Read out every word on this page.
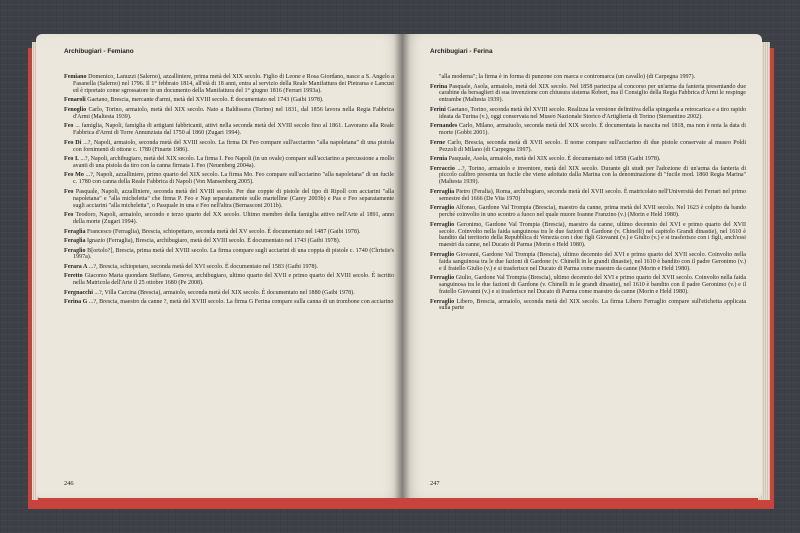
Archibugiari - Femiano

Femiano Domenico, Lanuzzi (Salerno), azzalliniere, prima metà del XIX secolo. Figlio di Leone e Rosa Giordano, nasce a S. Angelo a Fasanella (Salerno) nel 1796. Il 1° febbraio 1814, all'età di 18 anni, entra al servizio della Reale Manifattura dei Pietrarsa e Lancusi ed è riportato come sgrossatore in un documento della Manifattura del 1° giugno 1816 (Ferrari 1993a).

Fenaroli Gaetano, Brescia, mercante d'armi, metà del XVIII secolo. È documentato nel 1743 (Gaibi 1978).

Fenoglio Carlo, Torino, armaiolo, metà del XIX secolo. Nato a Baldissera (Torino) nel 1831, dal 1856 lavora nella Regia Fabbrica d'Armi (Maltesta 1939).

Feo ... famiglia, Napoli, famiglia di artigiani fabbricanti, attivi nella seconda metà del XVIII secolo fino al 1861. Lavorano alla Reale Fabbrica d'Armi di Torre Annunziata dal 1750 al 1860 (Zugari 1994).

Feo Di ...?, Napoli, armaiolo, seconda metà del XVIII secolo. La firma Di Feo compare sull'acciarino "alla napoletana" di una pistola con fornimenti di ottone c. 1780 (Finarte 1986).

Feo I. ...?, Napoli, archibugiaro, metà del XIX secolo. La firma I. Feo Napoli (in un ovale) compare sull'acciarino a percussione a mollo avanti di una pistola da tiro con la canna firmata I. Feo (Neuenberg 2004a).

Feo Mo ...?, Napoli, azzalliniere, primo quarto del XIX secolo. La firma Mo. Feo compare sull'acciarino "alla napoletana" di un fucile c. 1780 con canna della Reale Fabbrica di Napoli (Von Mansenberg 2005).

Feo Pasquale, Napoli, azzalliniere, seconda metà del XVIII secolo. Per due coppie di pistole del tipo di Ripoll con acciarini "alla napoletana" e "alla micheletta" che firma P. Feo e Nap separatamente sulle martelline (Carey 2003b) e Pas e Feo separatamente sugli acciarini "alla micheletta", o Pasquale in una e Feo nell'altra (Bernasconi 2011b).

Feo Teodoro, Napoli, armaiolo, secondo e terzo quarto del XX secolo. Ultimo membro della famiglia attivo nell'Arte al 1891, anno della morte (Zugari 1994).

Feraglia Francesco (Ferraglia), Brescia, schiopettaro, seconda metà del XV secolo. È documentato nel 1487 (Gaibi 1978).

Feraglia Ignazio (Ferraglia), Brescia, archibugiaro, metà del XVIII secolo. È documentato nel 1743 (Gaibi 1978).

Feraglio B[ortolo?], Brescia, prima metà del XVIII secolo. La firma compare sugli acciarini di una coppia di pistole c. 1740 (Christie's 1997a).

Ferara A ...?, Brescia, schiopetaro, seconda metà del XVI secolo. È documentato nel 1583 (Gaibi 1978).

Feretto Giacomo Maria quondam Steffano, Genova, archibugiaro, ultimo quarto del XVII e primo quarto del XVIII secolo. È iscritto nella Matricola dell'Arte il 25 ottobre 1680 (Pe 2008).

Fergnacchi ...?, Villa Carcina (Brescia), armaiolo, seconda metà del XIX secolo. È documentato nel 1880 (Gaibi 1978).

Ferina G ...?, Brescia, maestro da canne ?, metà del XVIII secolo. La firma G Ferina compare sulla canna di un trombone con acciarino

246
Archibugiari - Ferina

"alla moderna"; la firma è in forma di punzone con marca e contromarca (un cavallo) (di Carpegna 1997).

Ferina Pasquale, Asola, armaiolo, metà del XIX secolo. Nel 1858 partecipa al concorso per un'arma da fanteria presentando due carabine da bersaglieri di sua invenzione con chiusura sistema Robert, ma il Consiglio della Regia Fabbrica d'Armi le respinge entrambe (Maltesta 1939).

Ferini Gaetano, Torino, seconda metà del XVIII secolo. Realizza la versione definitiva della spingarda a retrocarica e a tiro rapido ideata da Turina (v.), oggi conservata nel Museo Nazionale Storico d'Artiglieria di Torino (Sterrantino 2002).

Fernandes Carlo, Milano, armaiuolo, seconda metà del XIX secolo. È documentata la nascita nel 1818, ma non è nota la data di morte (Gobbi 2001).

Ferne Carlo, Brescia, seconda metà di XVII secolo. Il nome compare sull'acciarino di due pistole conservate al museo Poldi Pezzoli di Milano (di Carpegna 1997).

Fernia Pasquale, Asola, armaiolo, metà del XIX secolo. È documentato nel 1858 (Gaibi 1978).

Ferraccio ...?, Torino, armaiolo e inventore, metà del XIX secolo. Durante gli studi per l'adozione di un'arma da fanteria di piccolo calibro presenta un fucile che viene adottato dalla Marina con la denominazione di "fucile mod. 1860 Regia Marina" (Maltesta 1939).

Ferraglia Pietro (Feralia), Roma, archibugiaro, seconda metà del XVII secolo. È matricolato nell'Università dei Ferrari nel primo semestre del 1666 (De Vita 1970)

Ferraglio Alfonso, Gardone Val Trompia (Brescia), maestro da canne, prima metà del XVII secolo. Nel 1623 è colpito da bando perché coinvolto in uno scontro a fuoco nel quale muore Ioanne Franzino (v.) (Morin e Held 1980).

Ferraglio Geronimo, Gardone Val Trompia (Brescia), maestro da canne, ultimo decennio del XVI e primo quarto del XVII secolo. Coinvolto nella faida sanguinosa tra le due fazioni di Gardone (v. Chinelli) nel capitolo Grandi dinastie), nel 1610 è bandito dal territorio della Repubblica di Venezia con i due figli Giovanni (v.) e Giulio (v.) e si trasferisce con i figli, anch'essi maestri da canne, nel Ducato di Parma (Morin e Held 1980).

Ferraglio Giovanni, Gardone Val Trompia (Brescia), ultimo decennio del XVI e primo quarto del XVII secolo. Coinvolto nella faida sanguinosa tra le due fazioni di Gardone (v. Chinelli in le grandi dinastie), nel 1610 è bandito con il padre Geronimo (v.) e il fratello Giulio (v.) e si trasferisce nel Ducato di Parma come maestro da canne (Morin e Held 1980).

Ferraglio Giulio, Gardone Val Trompia (Brescia), ultimo decennio del XVI e primo quarto del XVII secolo. Coinvolto nella faida sanguinosa tra le due fazioni di Gardone (v. Chinelli in le grandi dinastie), nel 1610 è bandito con il padre Geronimo (v.) e il fratello Giovanni (v.) e si trasferisce nel Ducato di Parma come maestro da canne (Morin e Held 1980).

Ferraglio Libero, Brescia, armaiolo, seconda metà del XIX secolo. La firma Libero Ferraglio compare sull'etichetta applicata sulla parte

247
